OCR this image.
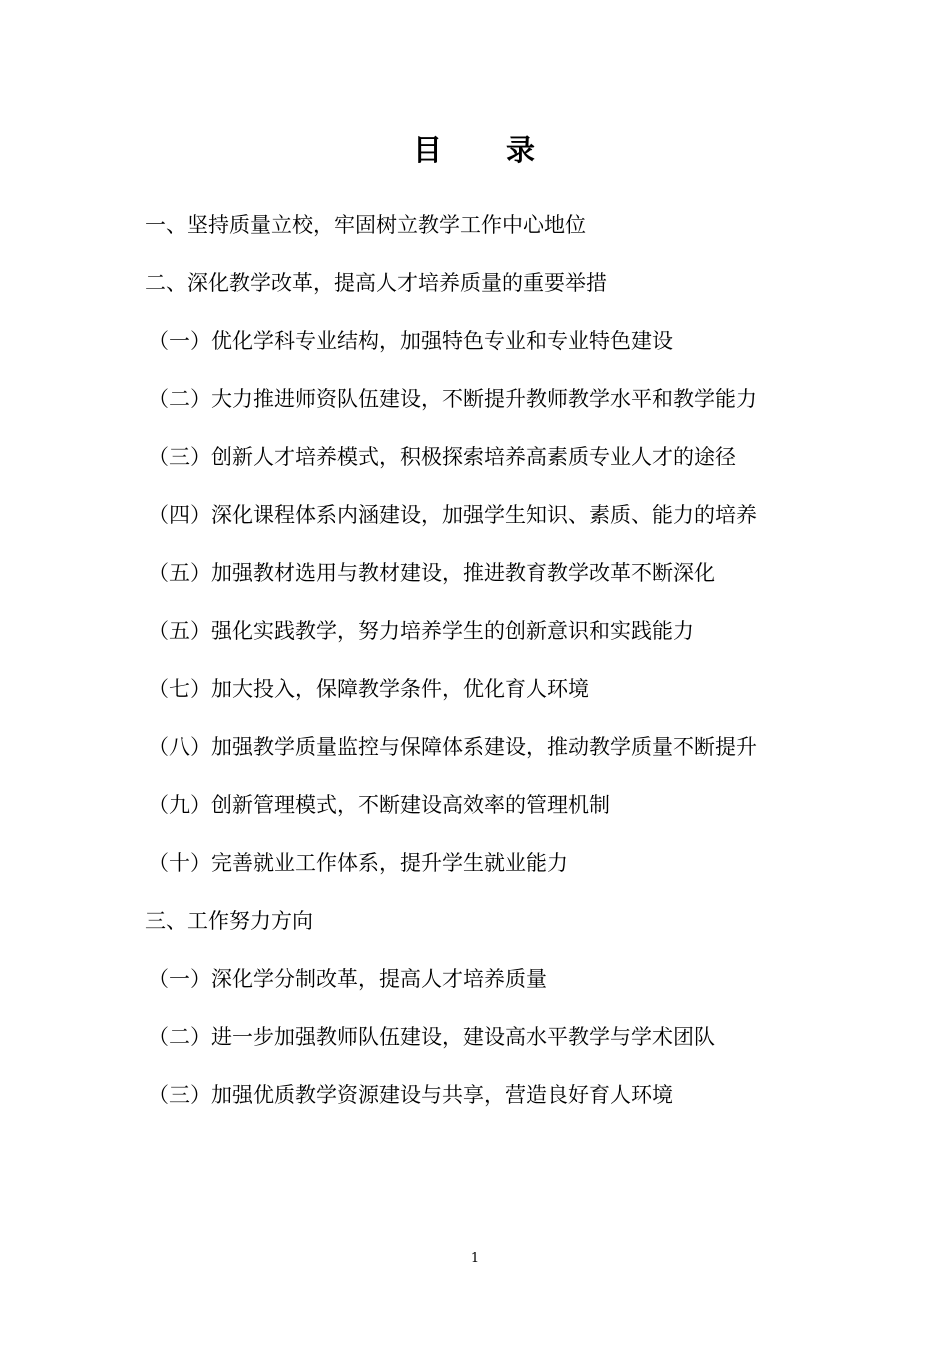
目　　录
一、坚持质量立校，牢固树立教学工作中心地位
二、深化教学改革，提高人才培养质量的重要举措
（一）优化学科专业结构，加强特色专业和专业特色建设
（二）大力推进师资队伍建设，不断提升教师教学水平和教学能力
（三）创新人才培养模式，积极探索培养高素质专业人才的途径
（四）深化课程体系内涵建设，加强学生知识、素质、能力的培养
（五）加强教材选用与教材建设，推进教育教学改革不断深化
（五）强化实践教学，努力培养学生的创新意识和实践能力
（七）加大投入，保障教学条件，优化育人环境
（八）加强教学质量监控与保障体系建设，推动教学质量不断提升
（九）创新管理模式，不断建设高效率的管理机制
（十）完善就业工作体系，提升学生就业能力
三、工作努力方向
（一）深化学分制改革，提高人才培养质量
（二）进一步加强教师队伍建设，建设高水平教学与学术团队
（三）加强优质教学资源建设与共享，营造良好育人环境
1
